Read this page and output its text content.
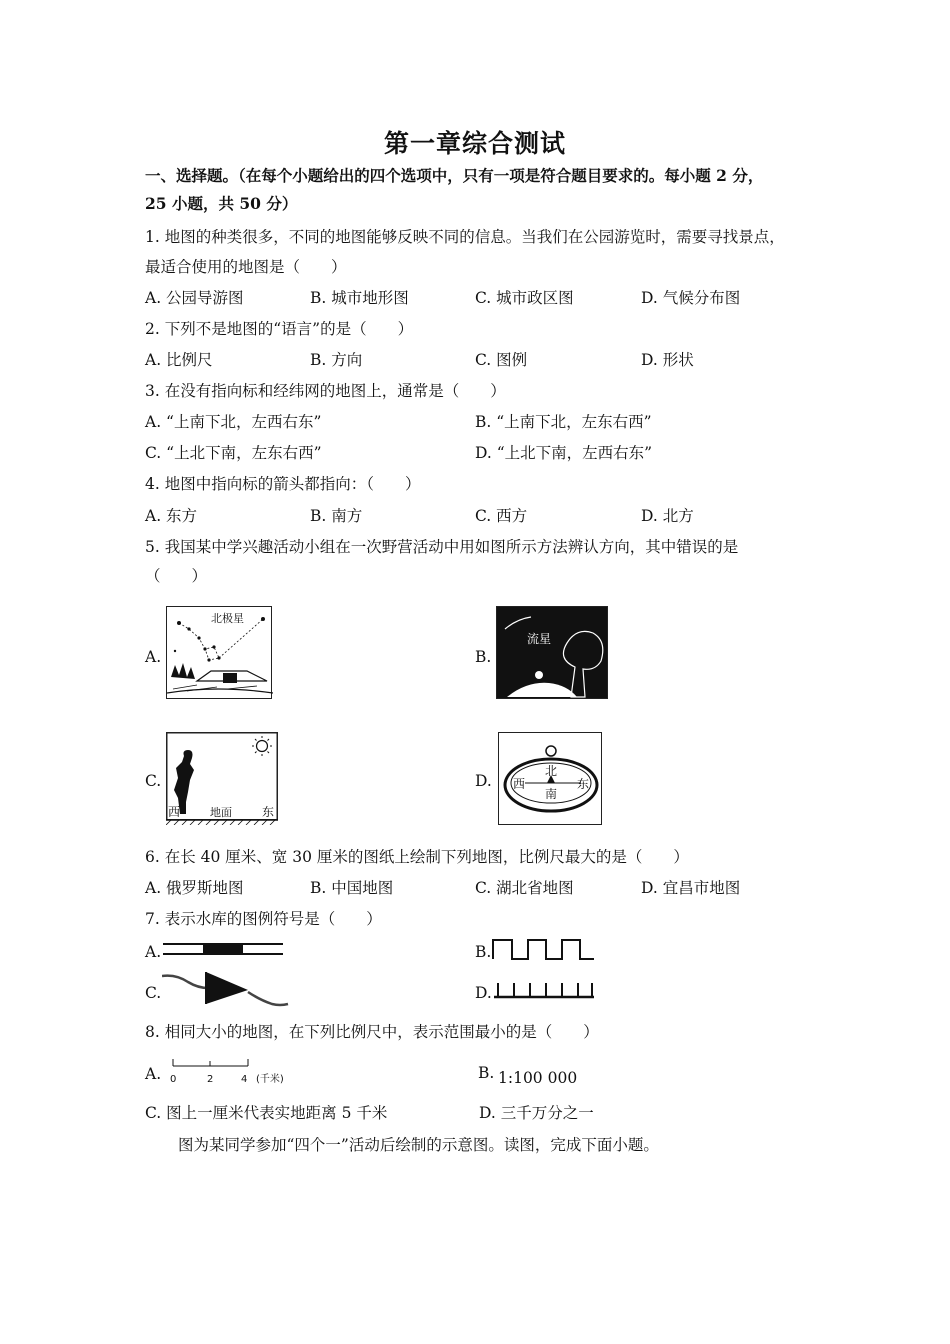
第一章综合测试
一、选择题。（在每个小题给出的四个选项中，只有一项是符合题目要求的。每小题 2 分，
25 小题，共 50 分）
1. 地图的种类很多，不同的地图能够反映不同的信息。当我们在公园游览时，需要寻找景点，
最适合使用的地图是（　　）
A. 公园导游图	B. 城市地形图	C. 城市政区图	D. 气候分布图
2. 下列不是地图的“语言”的是（　　）
A. 比例尺	B. 方向	C. 图例	D. 形状
3. 在没有指向标和经纬网的地图上，通常是（　　）
A. “上南下北，左西右东”	B. “上南下北，左东右西”
C. “上北下南，左东右西”	D. “上北下南，左西右东”
4. 地图中指向标的箭头都指向：（　　）
A. 东方	B. 南方	C. 西方	D. 北方
5. 我国某中学兴趣活动小组在一次野营活动中用如图所示方法辨认方向，其中错误的是
（　　）
A.
北极星
B.
流星
C.
西	地面	东
D.
北
南
西	东
6. 在长 40 厘米、宽 30 厘米的图纸上绘制下列地图，比例尺最大的是（　　）
A. 俄罗斯地图	B. 中国地图	C. 湖北省地图	D. 宜昌市地图
7. 表示水库的图例符号是（　　）
A.	B.
C.	D.
8. 相同大小的地图，在下列比例尺中，表示范围最小的是（　　）
A. 0	2	4 (千米)	B. 1:100 000
C. 图上一厘米代表实地距离 5 千米	D. 三千万分之一
图为某同学参加“四个一”活动后绘制的示意图。读图，完成下面小题。
